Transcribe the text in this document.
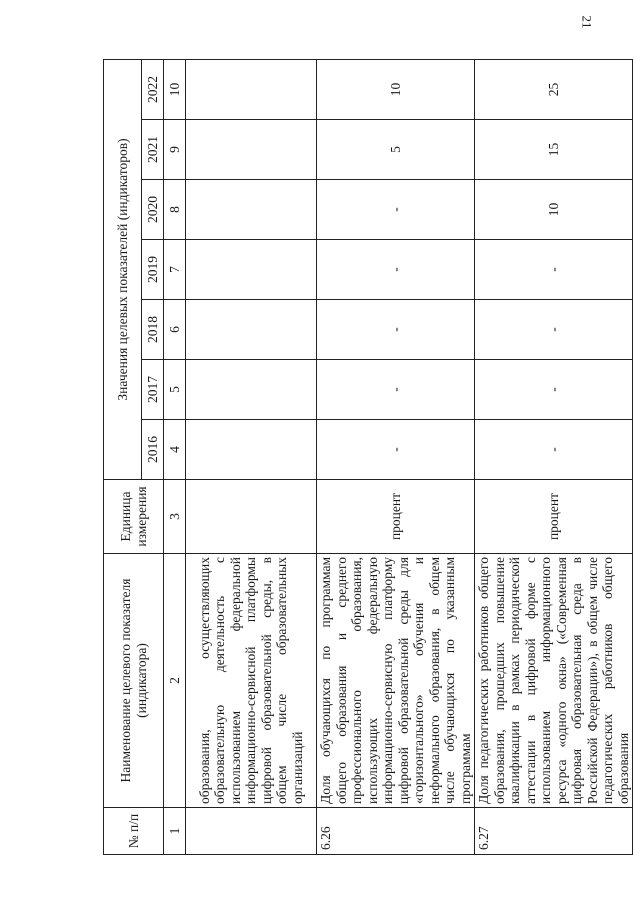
21
№ п/п	Наименование целевого показателя (индикатора)	Единица измерения	Значения целевых показателей (индикаторов)						
			2016	2017	2018	2019	2020	2021	2022
1	2	3	4	5	6	7	8	9	10
	образования, осуществляющих образовательную деятельность с использованием федеральной информационно-сервисной платформы цифровой образовательной среды, в общем числе образовательных организаций								
6.26	Доля обучающихся по программам общего образования и среднего профессионального образования, использующих федеральную информационно-сервисную платформу цифровой образовательной среды для «горизонтального» обучения и неформального образования, в общем числе обучающихся по указанным программам	процент	-	-	-	-	-	5	10
6.27	Доля педагогических работников общего образования, прошедших повышение квалификации в рамках периодической аттестации в цифровой форме с использованием информационного ресурса «одного окна» («Современная цифровая образовательная среда в Российской Федерации»), в общем числе педагогических работников общего образования	процент	-	-	-	-	10	15	25
